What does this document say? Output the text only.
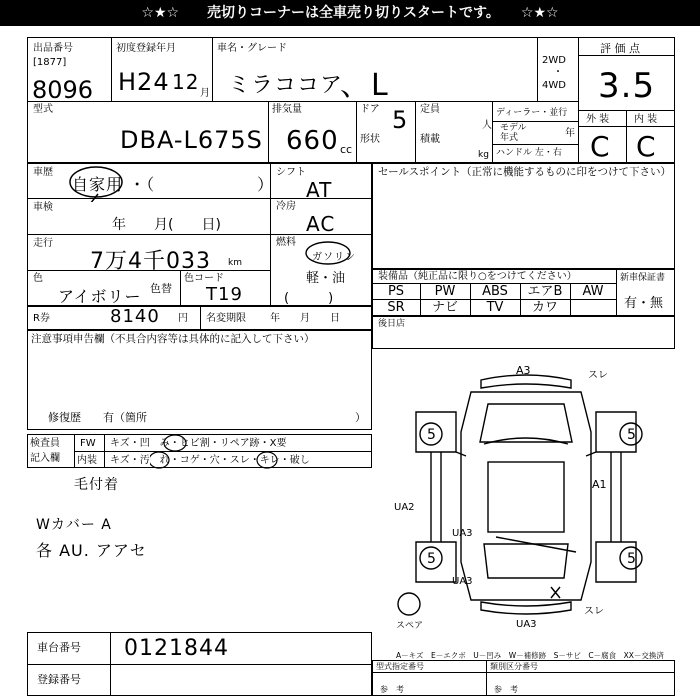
☆★☆　　売切りコーナーは全車売り切りスタートです。　　☆★☆
出品番号
[1877]
8096
初度登録年月
H24 12 月
車名・グレード
ミラココア
、L
2WD
・
4WD
評 価 点
3.5
外 装 内 装
C C
型式
DBA-L675S
排気量
660 cc
ドア 5
形状
定員
人
積載
kg
ディーラー・並行
モデル
年式	年
ハンドル 左・右
車歴
自家用 ・（　　　　　　）
車検
年　　月(　　日)
走行
7万4千033 km
色
アイボリー 色替
色コード
T19
シフト
AT
冷房
AC
燃料
ガソリン
軽・油
(　　　)
R券	8140 円 名変期限 年　　月　　日
セールスポイント（正常に機能するものに印をつけて下さい）
装備品（純正品に限り○をつけてください）
PS	PW	ABS	エアB	AW
SR	ナビ	TV	カワ
新車保証書
有・無
後日店
注意事項申告欄（不具合内容等は具体的に記入して下さい）
修復歴　　有（箇所	）
検査員
記入欄
FW キズ・凹　み・ヒビ割・リペア跡・X要
内装 キズ・汚　れ・コゲ・穴・スレ・キレ・破し
毛付着
Wカバー A
各 AU. アアセ
5	5
5	5
A3	スレ
A1
UA2
UA3
UA3
UA3
スレ
スペア
A－キズ　E－エクボ　U－凹み　W－補修跡　S－サビ　C－腐食　XX－交換済
車台番号 0121844
登録番号
型式指定番号	類別区分番号
参　考	参　考
